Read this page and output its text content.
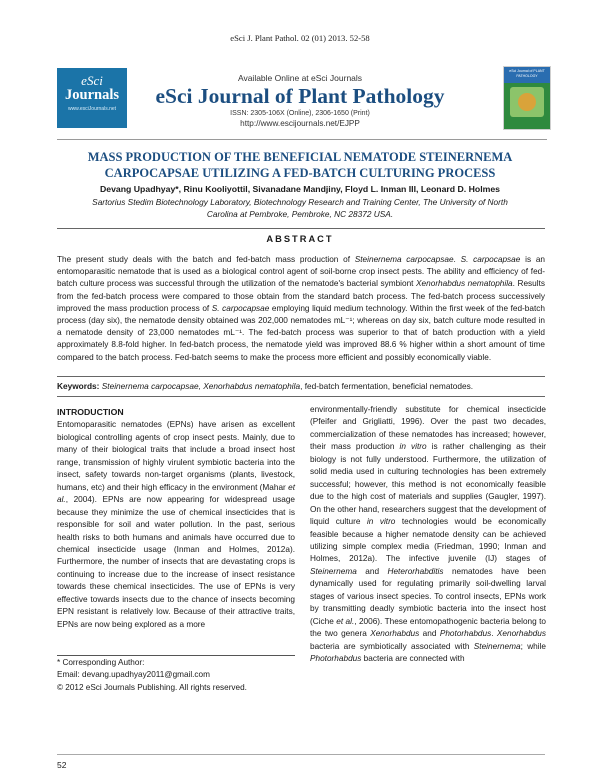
eSci J. Plant Pathol. 02 (01) 2013. 52-58
eSci
Journals
www.esciJournals.net
Available Online at eSci Journals
eSci Journal of Plant Pathology
ISSN: 2305-106X (Online), 2306-1650 (Print)
http://www.escijournals.net/EJPP
eSci Journal of PLANT PATHOLOGY
MASS PRODUCTION OF THE BENEFICIAL NEMATODE STEINERNEMA
CARPOCAPSAE UTILIZING A FED-BATCH CULTURING PROCESS
Devang Upadhyay*, Rinu Kooliyottil, Sivanadane Mandjiny, Floyd L. Inman III, Leonard D. Holmes
Sartorius Stedim Biotechnology Laboratory, Biotechnology Research and Training Center, The University of North
Carolina at Pembroke, Pembroke, NC 28372 USA.
ABSTRACT
The present study deals with the batch and fed-batch mass production of Steinernema carpocapsae. S. carpocapsae is an entomoparasitic nematode that is used as a biological control agent of soil-borne crop insect pests. The ability and efficiency of fed-batch culture process was successful through the utilization of the nematode's bacterial symbiont Xenorhabdus nematophila. Results from the fed-batch process were compared to those obtain from the standard batch process. The fed-batch process successively improved the mass production process of S. carpocapsae employing liquid medium technology. Within the first week of the fed-batch process (day six), the nematode density obtained was 202,000 nematodes mL⁻¹; whereas on day six, batch culture mode resulted in a nematode density of 23,000 nematodes mL⁻¹. The fed-batch process was superior to that of batch production with a yield approximately 8.8-fold higher. In fed-batch process, the nematode yield was improved 88.6 % higher within a short amount of time compared to the batch process. Fed-batch seems to make the process more efficient and possibly economically viable.
Keywords: Steinernema carpocapsae, Xenorhabdus nematophila, fed-batch fermentation, beneficial nematodes.
INTRODUCTION
Entomoparasitic nematodes (EPNs) have arisen as excellent biological controlling agents of crop insect pests. Mainly, due to many of their biological traits that include a broad insect host range, transmission of highly virulent symbiotic bacteria into the insect, safety towards non-target organisms (plants, livestock, humans, etc) and their high efficacy in the environment (Mahar et al., 2004). EPNs are now appearing for widespread usage because they minimize the use of chemical insecticides that is responsible for soil and water pollution. In the past, serious health risks to both humans and animals have occurred due to chemical insecticide usage (Inman and Holmes, 2012a). Furthermore, the number of insects that are devastating crops is continuing to increase due to the increase of insect resistance towards these chemical insecticides. The use of EPNs is very effective towards insects due to the chance of insects becoming EPN resistant is relatively low. Because of their attractive traits, EPNs are now being explored as a more
environmentally-friendly substitute for chemical insecticide (Pfeifer and Grigliatti, 1996). Over the past two decades, commercialization of these nematodes has increased; however, their mass production in vitro is rather challenging as their biology is not fully understood. Furthermore, the utilization of solid media used in culturing technologies has been extremely successful; however, this method is not economically feasible due to the high cost of materials and supplies (Gaugler, 1997). On the other hand, researchers suggest that the development of liquid culture in vitro technologies would be economically feasible because a higher nematode density can be achieved utilizing simple complex media (Friedman, 1990; Inman and Holmes, 2012a). The infective juvenile (IJ) stages of Steinernema and Heterorhabditis nematodes have been dynamically used for regulating primarily soil-dwelling larval stages of various insect species. To control insects, EPNs work by transmitting deadly symbiotic bacteria into the insect host (Ciche et al., 2006). These entomopathogenic bacteria belong to the two genera Xenorhabdus and Photorhabdus. Xenorhabdus bacteria are symbiotically associated with Steinernema; while Photorhabdus bacteria are connected with
* Corresponding Author:
Email: devang.upadhyay2011@gmail.com
© 2012 eSci Journals Publishing. All rights reserved.
52
